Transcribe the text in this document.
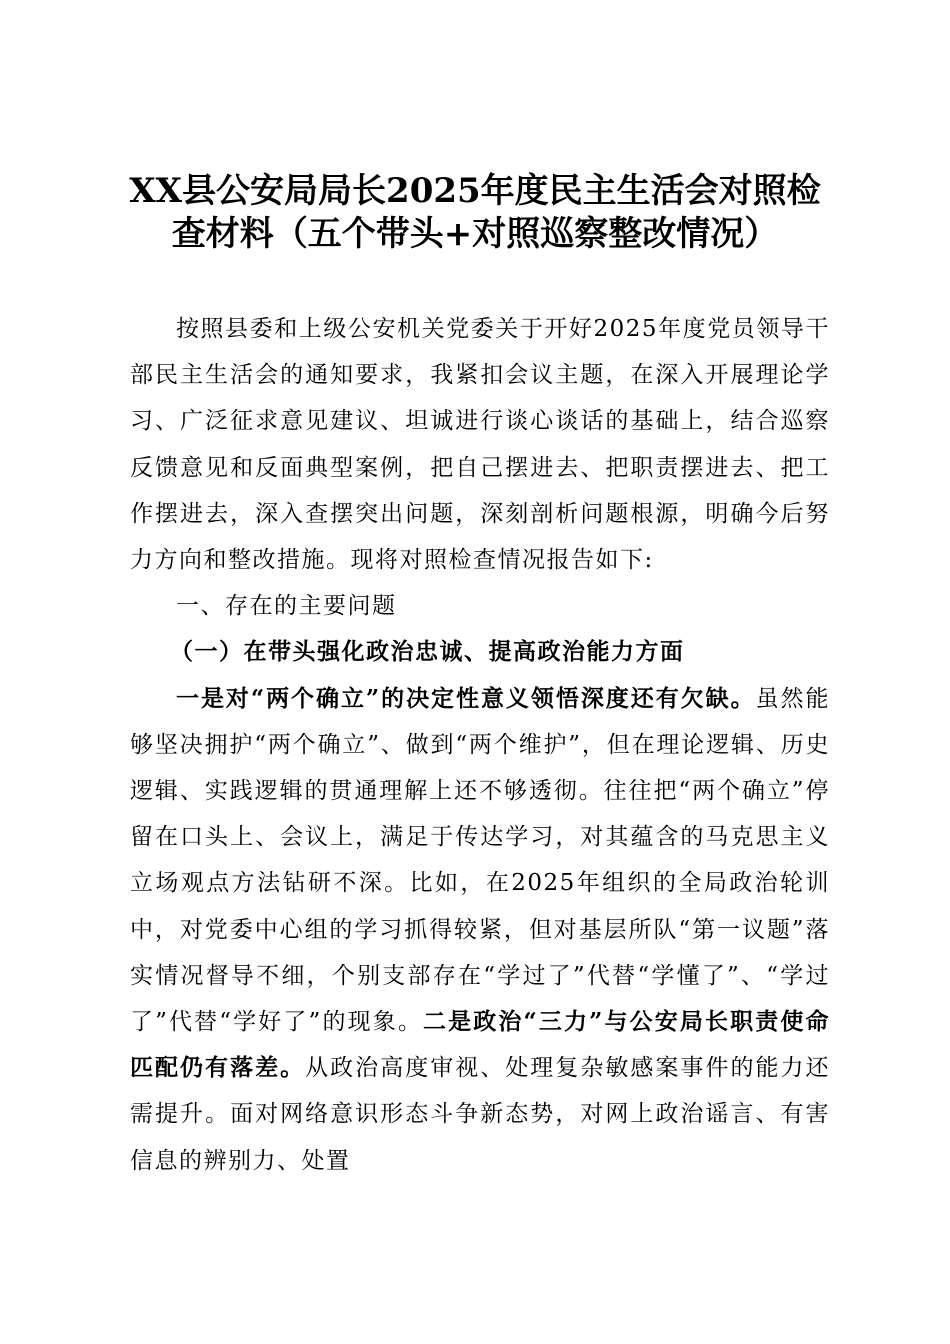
XX县公安局局长2025年度民主生活会对照检
查材料（五个带头+对照巡察整改情况）

按照县委和上级公安机关党委关于开好2025年度党员领导干部民主生活会的通知要求，我紧扣会议主题，在深入开展理论学习、广泛征求意见建议、坦诚进行谈心谈话的基础上，结合巡察反馈意见和反面典型案例，把自己摆进去、把职责摆进去、把工作摆进去，深入查摆突出问题，深刻剖析问题根源，明确今后努力方向和整改措施。现将对照检查情况报告如下:

一、存在的主要问题

（一）在带头强化政治忠诚、提高政治能力方面

一是对“两个确立”的决定性意义领悟深度还有欠缺。虽然能够坚决拥护“两个确立”、做到“两个维护”，但在理论逻辑、历史逻辑、实践逻辑的贯通理解上还不够透彻。往往把“两个确立”停留在口头上、会议上，满足于传达学习，对其蕴含的马克思主义立场观点方法钻研不深。比如，在2025年组织的全局政治轮训中，对党委中心组的学习抓得较紧，但对基层所队“第一议题”落实情况督导不细，个别支部存在“学过了”代替“学懂了”、“学过了”代替“学好了”的现象。二是政治“三力”与公安局长职责使命匹配仍有落差。从政治高度审视、处理复杂敏感案事件的能力还需提升。面对网络意识形态斗争新态势，对网上政治谣言、有害信息的辨别力、处置
